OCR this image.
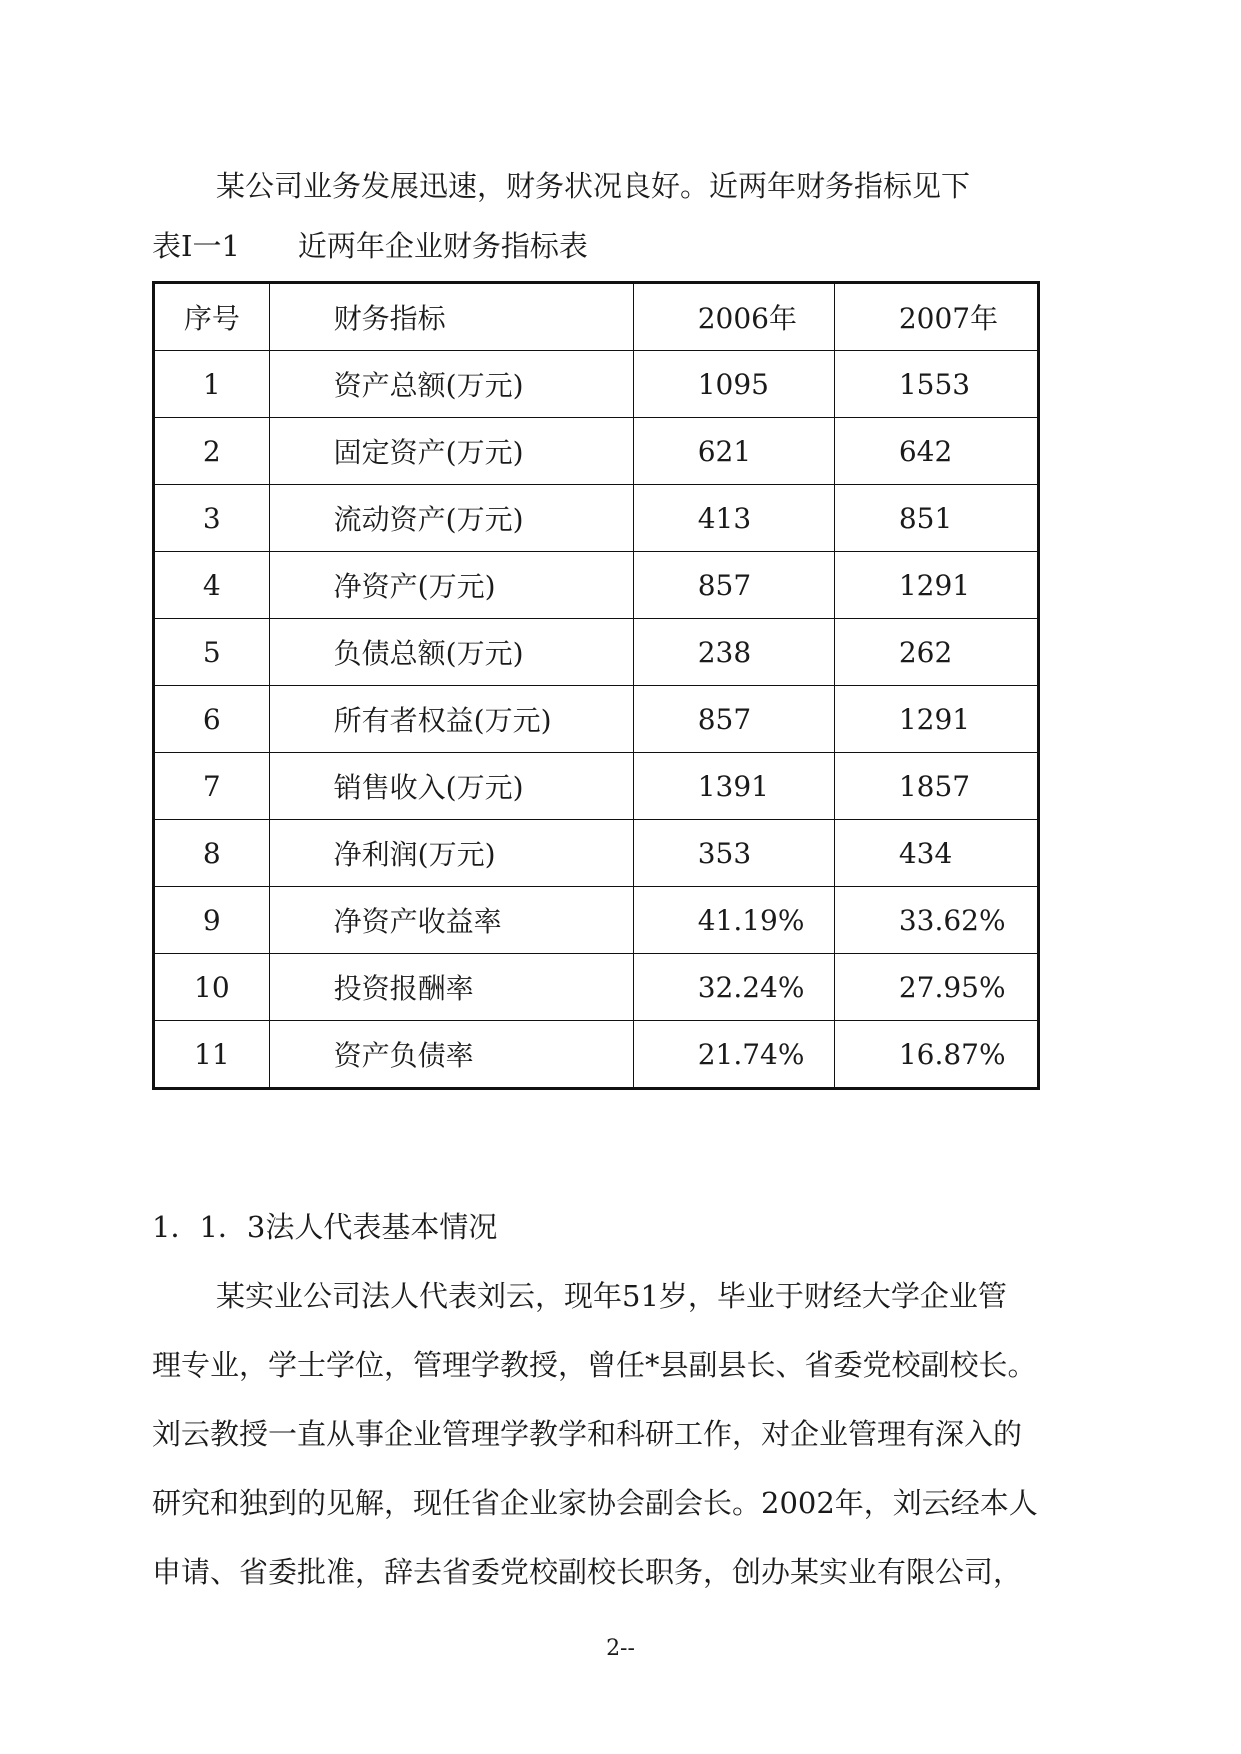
某公司业务发展迅速，财务状况良好。近两年财务指标见下
表Ⅰ一1 近两年企业财务指标表
序号	财务指标	2006年	2007年
1	资产总额(万元)	1095	1553
2	固定资产(万元)	621	642
3	流动资产(万元)	413	851
4	净资产(万元)	857	1291
5	负债总额(万元)	238	262
6	所有者权益(万元)	857	1291
7	销售收入(万元)	1391	1857
8	净利润(万元)	353	434
9	净资产收益率	41.19%	33.62%
10	投资报酬率	32.24%	27.95%
11	资产负债率	21.74%	16.87%
1．1．3法人代表基本情况
某实业公司法人代表刘云，现年51岁，毕业于财经大学企业管
理专业，学士学位，管理学教授，曾任*县副县长、省委党校副校长。
刘云教授一直从事企业管理学教学和科研工作，对企业管理有深入的
研究和独到的见解，现任省企业家协会副会长。2002年，刘云经本人
申请、省委批准，辞去省委党校副校长职务，创办某实业有限公司，
2--
